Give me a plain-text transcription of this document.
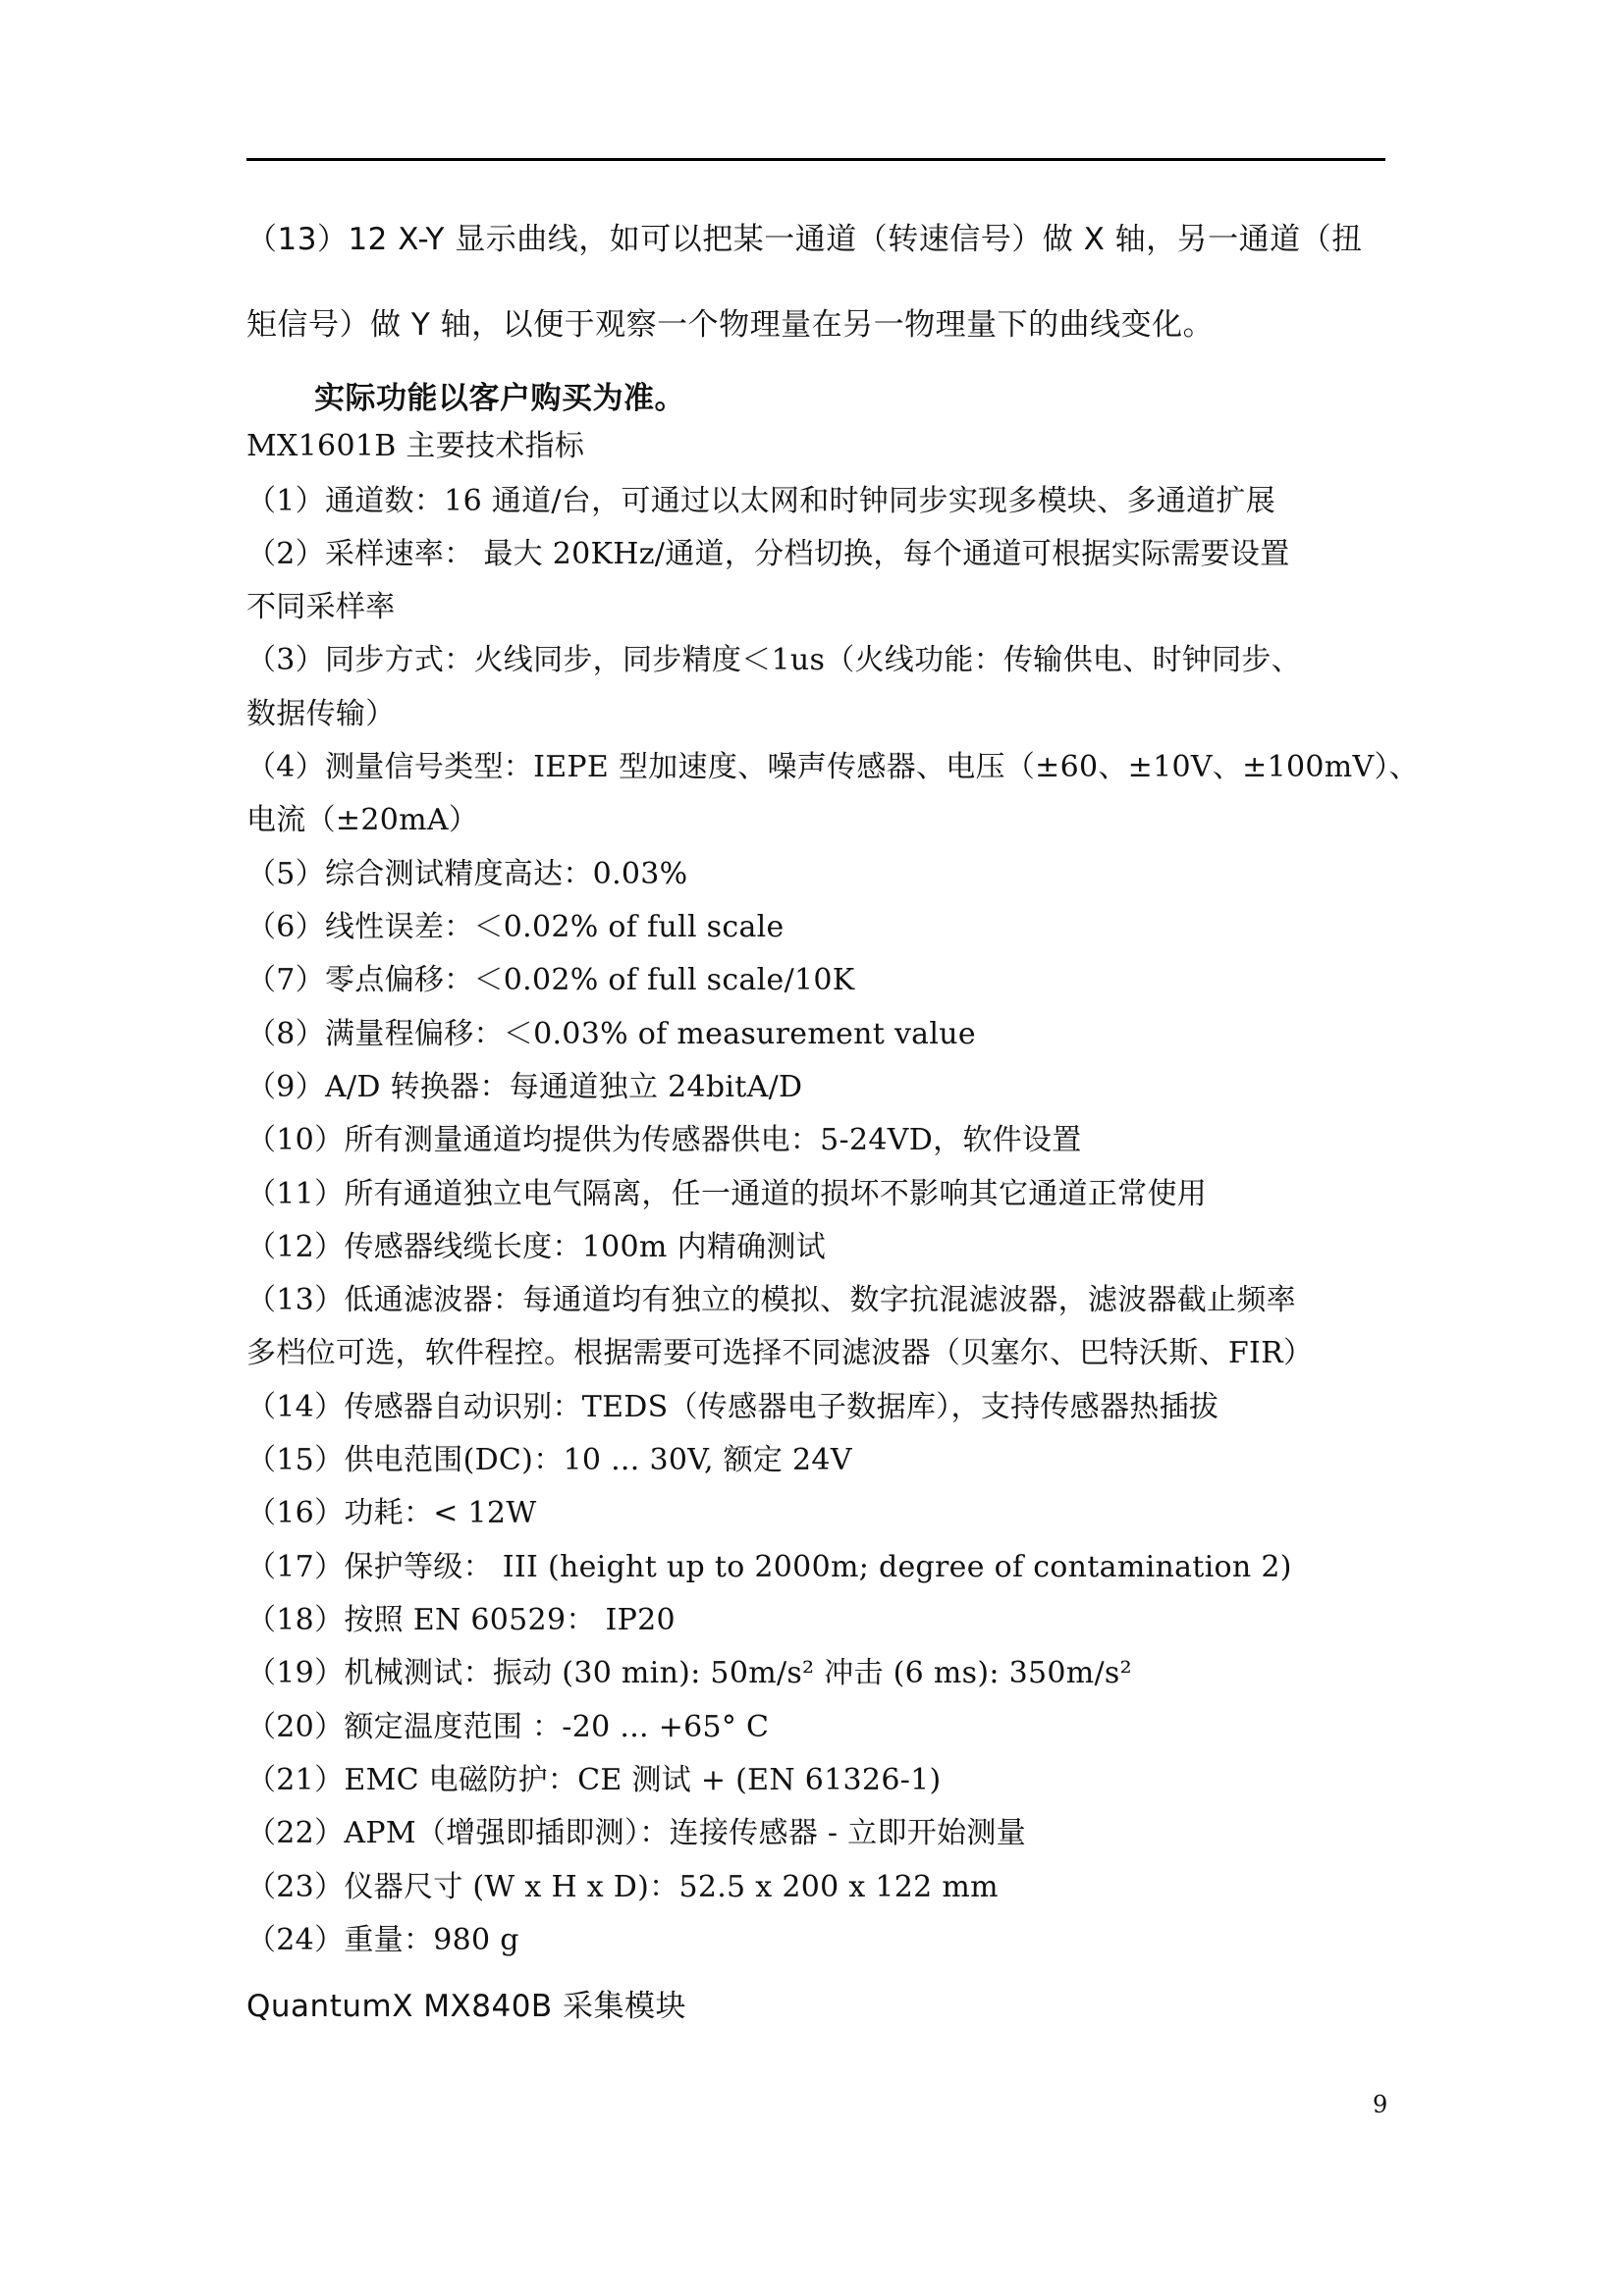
（13）12 X-Y 显示曲线，如可以把某一通道（转速信号）做 X 轴，另一通道（扭
矩信号）做 Y 轴，以便于观察一个物理量在另一物理量下的曲线变化。
实际功能以客户购买为准。
MX1601B 主要技术指标
（1）通道数：16 通道/台，可通过以太网和时钟同步实现多模块、多通道扩展
（2）采样速率： 最大 20KHz/通道，分档切换，每个通道可根据实际需要设置
不同采样率
（3）同步方式：火线同步，同步精度＜1us（火线功能：传输供电、时钟同步、
数据传输）
（4）测量信号类型：IEPE 型加速度、噪声传感器、电压（±60、±10V、±100mV）、
电流（±20mA）
（5）综合测试精度高达：0.03%
（6）线性误差：＜0.02% of full scale
（7）零点偏移：＜0.02% of full scale/10K
（8）满量程偏移：＜0.03% of measurement value
（9）A/D 转换器：每通道独立 24bitA/D
（10）所有测量通道均提供为传感器供电：5-24VD，软件设置
（11）所有通道独立电气隔离，任一通道的损坏不影响其它通道正常使用
（12）传感器线缆长度：100m 内精确测试
（13）低通滤波器：每通道均有独立的模拟、数字抗混滤波器，滤波器截止频率
多档位可选，软件程控。根据需要可选择不同滤波器（贝塞尔、巴特沃斯、FIR）
（14）传感器自动识别：TEDS（传感器电子数据库），支持传感器热插拔
（15）供电范围(DC)：10 ... 30V, 额定 24V
（16）功耗：< 12W
（17）保护等级： III (height up to 2000m; degree of contamination 2)
（18）按照 EN 60529： IP20
（19）机械测试：振动 (30 min): 50m/s² 冲击 (6 ms): 350m/s²
（20）额定温度范围 ：-20 ... +65° C
（21）EMC 电磁防护：CE 测试 + (EN 61326-1)
（22）APM（增强即插即测）：连接传感器 - 立即开始测量
（23）仪器尺寸 (W x H x D)：52.5 x 200 x 122 mm
（24）重量：980 g
QuantumX MX840B 采集模块
9
